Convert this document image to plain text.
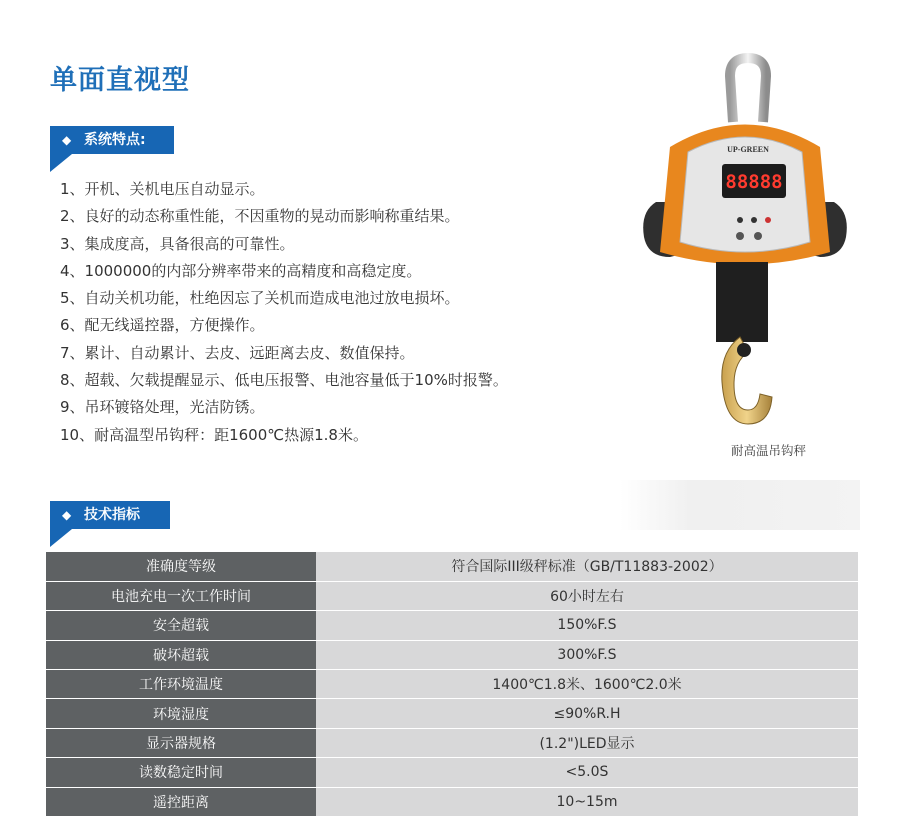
单面直视型
◆ 系统特点:
1、开机、关机电压自动显示。
2、良好的动态称重性能，不因重物的晃动而影响称重结果。
3、集成度高，具备很高的可靠性。
4、1000000的内部分辨率带来的高精度和高稳定度。
5、自动关机功能，杜绝因忘了关机而造成电池过放电损坏。
6、配无线遥控器，方便操作。
7、累计、自动累计、去皮、远距离去皮、数值保持。
8、超载、欠载提醒显示、低电压报警、电池容量低于10%时报警。
9、吊环镀铬处理，光洁防锈。
10、耐高温型吊钩秤：距1600℃热源1.8米。
UP-GREEN
88888
耐高温吊钩秤
◆ 技术指标
准确度等级	符合国际III级秤标准（GB/T11883-2002）
电池充电一次工作时间	60小时左右
安全超载	150%F.S
破坏超载	300%F.S
工作环境温度	1400℃1.8米、1600℃2.0米
环境湿度	≤90%R.H
显示器规格	(1.2")LED显示
读数稳定时间	<5.0S
遥控距离	10~15m
